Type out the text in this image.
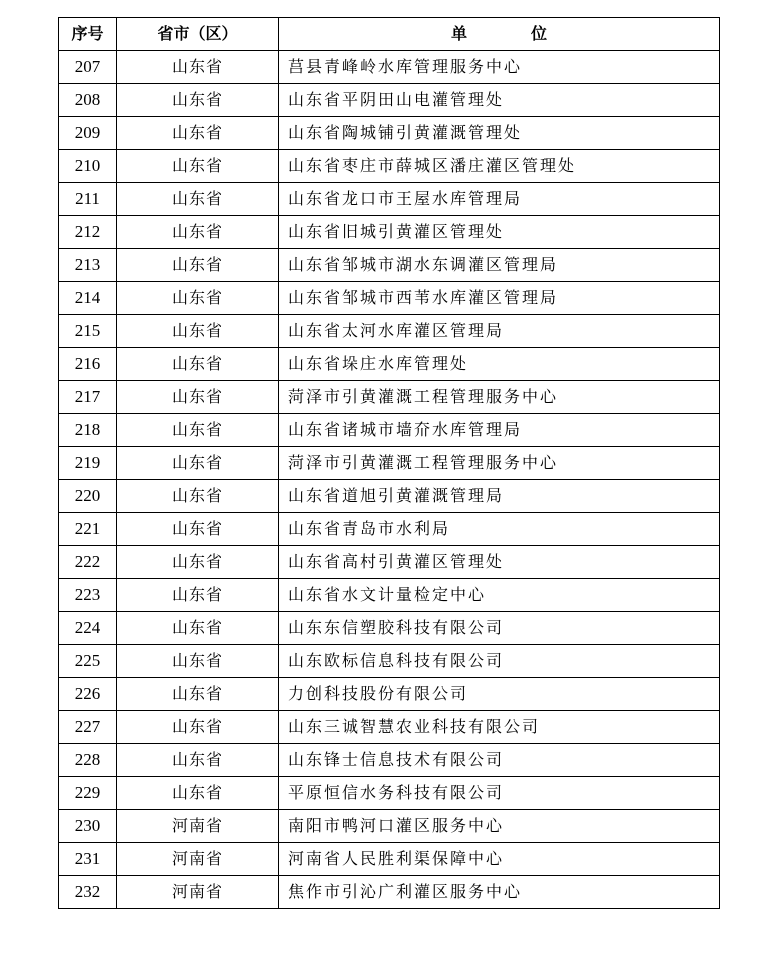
序号	省市（区）	单　位
207	山东省	莒县青峰岭水库管理服务中心
208	山东省	山东省平阴田山电灌管理处
209	山东省	山东省陶城铺引黄灌溉管理处
210	山东省	山东省枣庄市薛城区潘庄灌区管理处
211	山东省	山东省龙口市王屋水库管理局
212	山东省	山东省旧城引黄灌区管理处
213	山东省	山东省邹城市湖水东调灌区管理局
214	山东省	山东省邹城市西苇水库灌区管理局
215	山东省	山东省太河水库灌区管理局
216	山东省	山东省垛庄水库管理处
217	山东省	菏泽市引黄灌溉工程管理服务中心
218	山东省	山东省诸城市墙夼水库管理局
219	山东省	菏泽市引黄灌溉工程管理服务中心
220	山东省	山东省道旭引黄灌溉管理局
221	山东省	山东省青岛市水利局
222	山东省	山东省高村引黄灌区管理处
223	山东省	山东省水文计量检定中心
224	山东省	山东东信塑胶科技有限公司
225	山东省	山东欧标信息科技有限公司
226	山东省	力创科技股份有限公司
227	山东省	山东三诚智慧农业科技有限公司
228	山东省	山东锋士信息技术有限公司
229	山东省	平原恒信水务科技有限公司
230	河南省	南阳市鸭河口灌区服务中心
231	河南省	河南省人民胜利渠保障中心
232	河南省	焦作市引沁广利灌区服务中心
